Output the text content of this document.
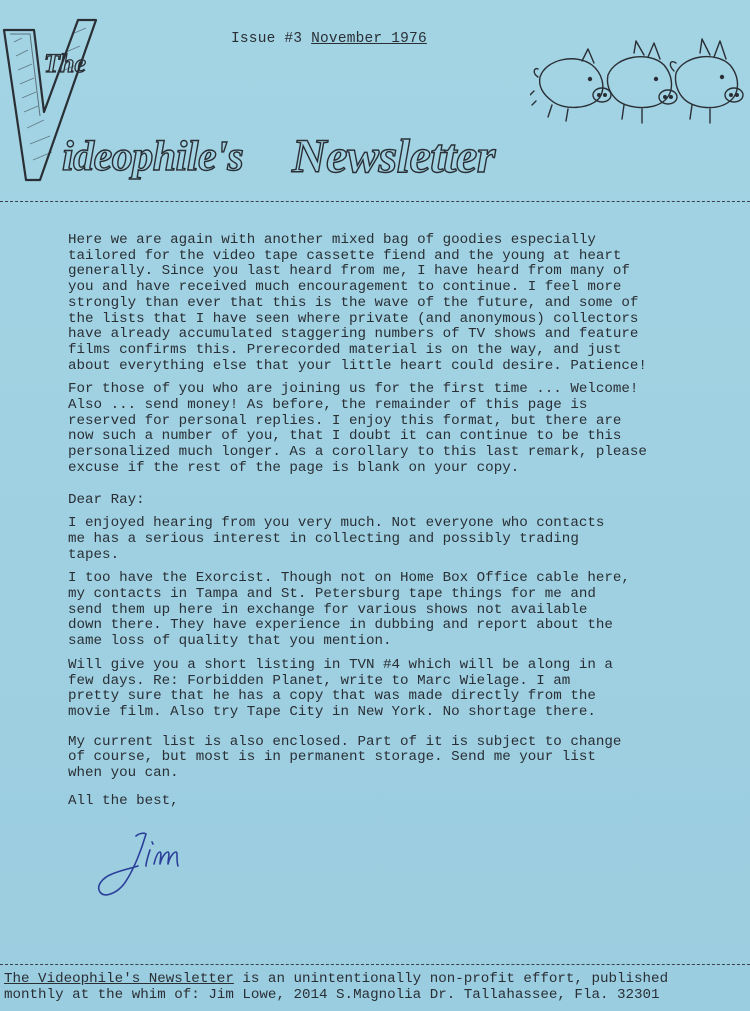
The
ideophile's Newsletter
Issue #3 November 1976

Here we are again with another mixed bag of goodies especially
tailored for the video tape cassette fiend and the young at heart
generally. Since you last heard from me, I have heard from many of
you and have received much encouragement to continue. I feel more
strongly than ever that this is the wave of the future, and some of
the lists that I have seen where private (and anonymous) collectors
have already accumulated staggering numbers of TV shows and feature
films confirms this. Prerecorded material is on the way, and just
about everything else that your little heart could desire. Patience!

For those of you who are joining us for the first time ... Welcome!
Also ... send money! As before, the remainder of this page is
reserved for personal replies. I enjoy this format, but there are
now such a number of you, that I doubt it can continue to be this
personalized much longer. As a corollary to this last remark, please
excuse if the rest of the page is blank on your copy.

Dear Ray:

I enjoyed hearing from you very much. Not everyone who contacts
me has a serious interest in collecting and possibly trading
tapes.

I too have the Exorcist. Though not on Home Box Office cable here,
my contacts in Tampa and St. Petersburg tape things for me and
send them up here in exchange for various shows not available
down there. They have experience in dubbing and report about the
same loss of quality that you mention.

Will give you a short listing in TVN #4 which will be along in a
few days. Re: Forbidden Planet, write to Marc Wielage. I am
pretty sure that he has a copy that was made directly from the
movie film. Also try Tape City in New York. No shortage there.

My current list is also enclosed. Part of it is subject to change
of course, but most is in permanent storage. Send me your list
when you can.

All the best,

The Videophile's Newsletter is an unintentionally non-profit effort, published
monthly at the whim of: Jim Lowe, 2014 S.Magnolia Dr. Tallahassee, Fla. 32301
